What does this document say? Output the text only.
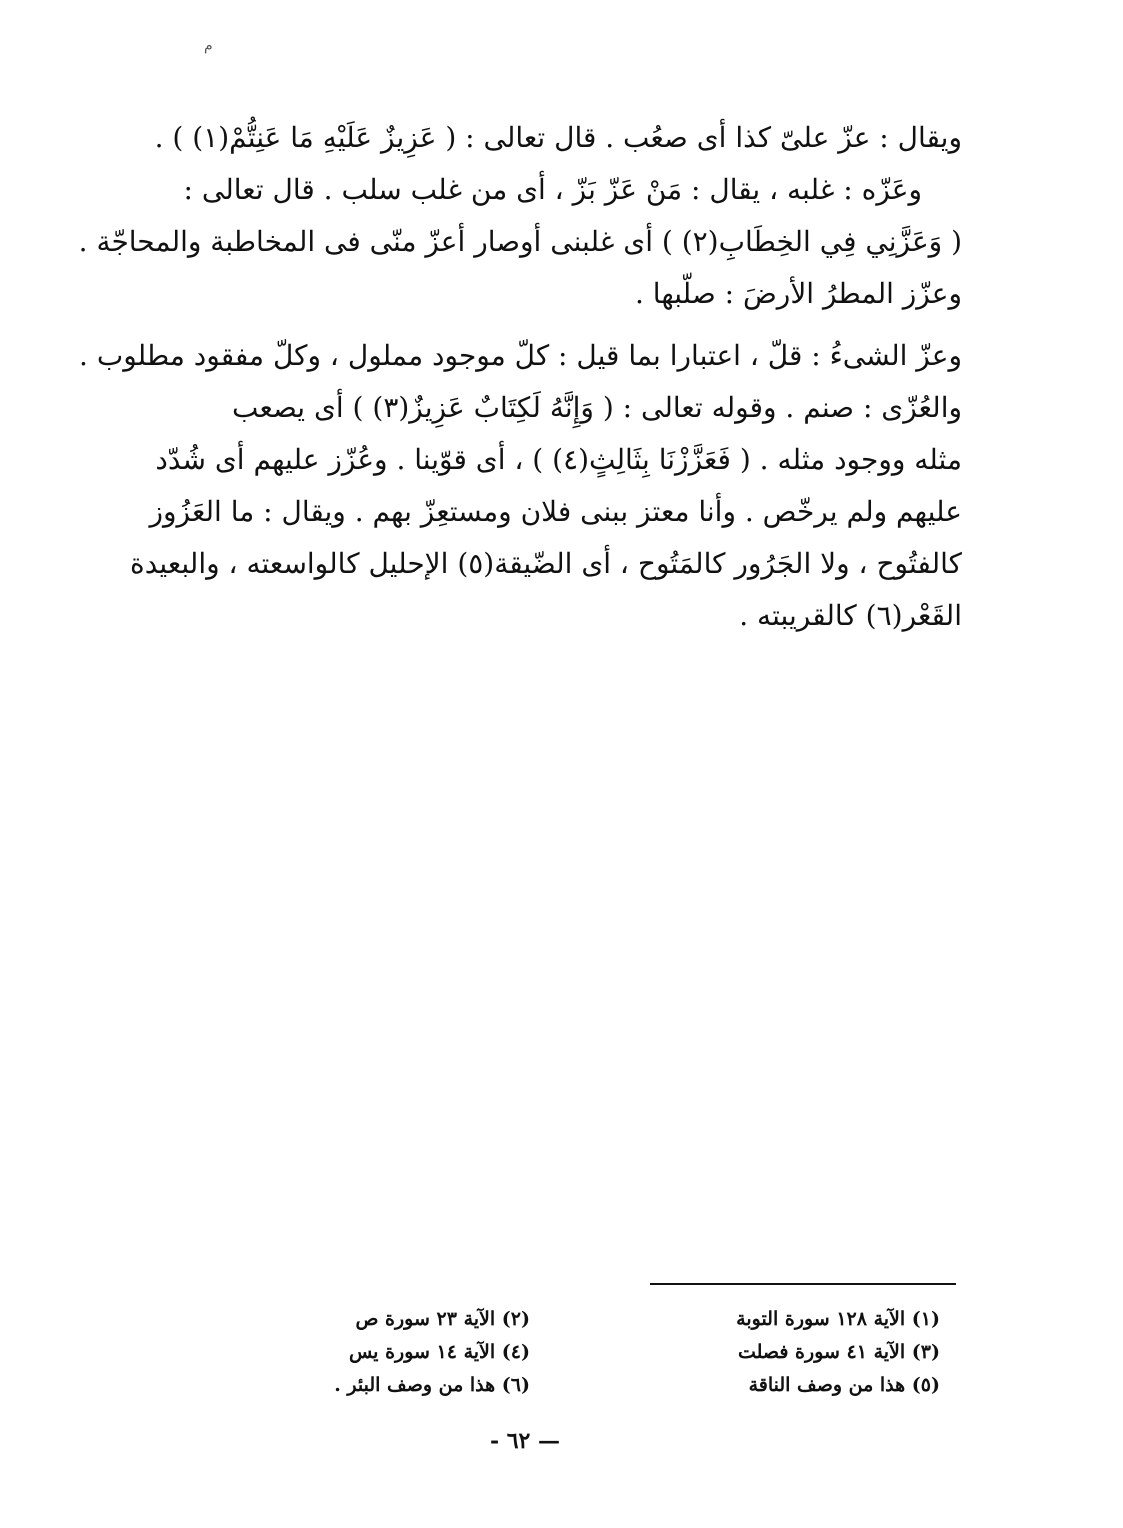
م
ويقال : عزّ علىّ كذا أى صعُب . قال تعالى : ( عَزِيزٌ عَلَيْهِ مَا عَنِتُّمْ(١) ) .
وعَزّه : غلبه ، يقال : مَنْ عَزّ بَزّ ، أى من غلب سلب . قال تعالى :
( وَعَزَّنِي فِي الخِطَابِ(٢) ) أى غلبنى أوصار أعزّ منّى فى المخاطبة والمحاجّة .
وعزّز المطرُ الأرضَ : صلّبها .
وعزّ الشىءُ : قلّ ، اعتبارا بما قيل : كلّ موجود مملول ، وكلّ مفقود مطلوب .
والعُزّى : صنم . وقوله تعالى : ( وَإِنَّهُ لَكِتَابٌ عَزِيزٌ(٣) ) أى يصعب
مثله ووجود مثله . ( فَعَزَّزْنَا بِثَالِثٍ(٤) ) ، أى قوّينا . وعُزّز عليهم أى شُدّد
عليهم ولم يرخّص . وأنا معتز ببنى فلان ومستعِزّ بهم . ويقال : ما العَزُوز
كالفتُوح ، ولا الجَرُور كالمَتُوح ، أى الضّيقة(٥) الإحليل كالواسعته ، والبعيدة
القَعْر(٦) كالقريبته .
(١) الآية ١٢٨ سورة التوبة
(٢) الآية ٢٣ سورة ص
(٣) الآية ٤١ سورة فصلت
(٤) الآية ١٤ سورة يس
(٥) هذا من وصف الناقة
(٦) هذا من وصف البئر .
— ٦٢ -
